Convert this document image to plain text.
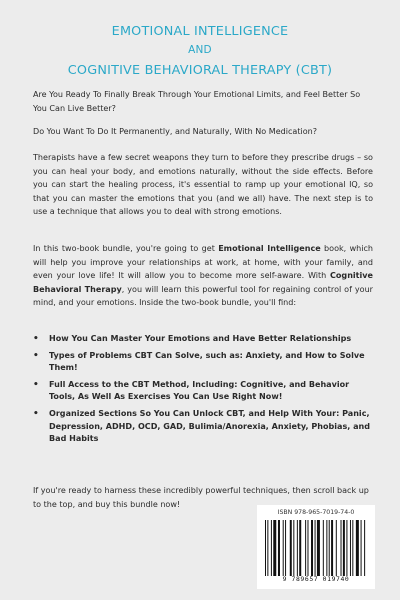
EMOTIONAL INTELLIGENCE
AND
COGNITIVE BEHAVIORAL THERAPY (CBT)

Are You Ready To Finally Break Through Your Emotional Limits, and Feel Better So You Can Live Better?

Do You Want To Do It Permanently, and Naturally, With No Medication?

Therapists have a few secret weapons they turn to before they prescribe drugs – so you can heal your body, and emotions naturally, without the side effects. Before you can start the healing process, it's essential to ramp up your emotional IQ, so that you can master the emotions that you (and we all) have. The next step is to use a technique that allows you to deal with strong emotions.

In this two-book bundle, you're going to get Emotional Intelligence book, which will help you improve your relationships at work, at home, with your family, and even your love life! It will allow you to become more self-aware. With Cognitive Behavioral Therapy, you will learn this powerful tool for regaining control of your mind, and your emotions. Inside the two-book bundle, you'll find:

• How You Can Master Your Emotions and Have Better Relationships
• Types of Problems CBT Can Solve, such as: Anxiety, and How to Solve Them!
• Full Access to the CBT Method, Including: Cognitive, and Behavior Tools, As Well As Exercises You Can Use Right Now!
• Organized Sections So You Can Unlock CBT, and Help With Your: Panic, Depression, ADHD, OCD, GAD, Bulimia/Anorexia, Anxiety, Phobias, and Bad Habits

If you're ready to harness these incredibly powerful techniques, then scroll back up to the top, and buy this bundle now!

ISBN 978-965-7019-74-0
9 789657 019740
